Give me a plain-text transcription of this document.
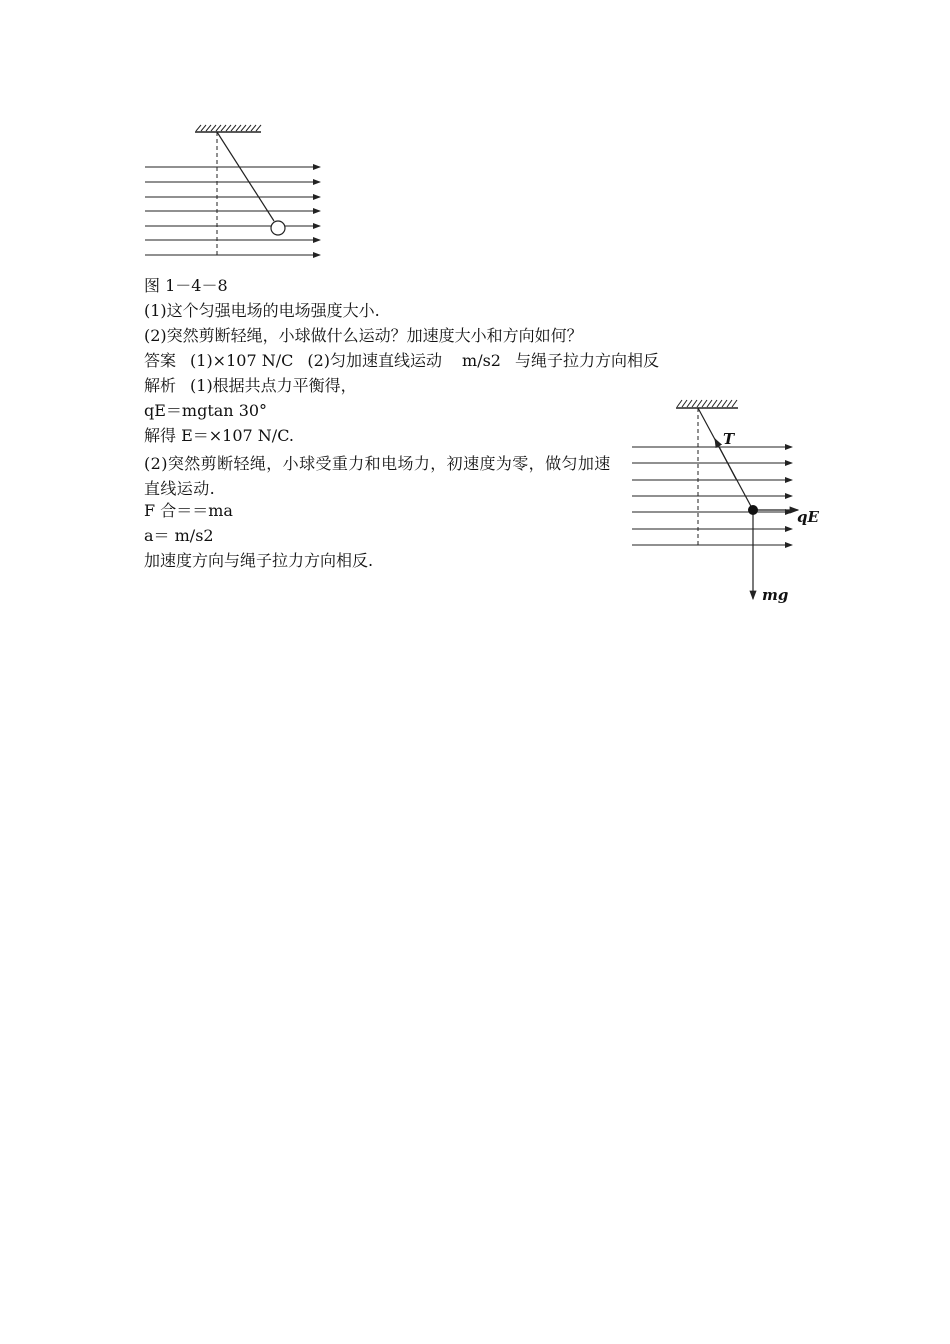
图 1－4－8
(1)这个匀强电场的电场强度大小.
(2)突然剪断轻绳，小球做什么运动？加速度大小和方向如何？
答案 (1)×107 N/C (2)匀加速直线运动 m/s2 与绳子拉力方向相反
解析 (1)根据共点力平衡得，
qE＝mgtan 30°
解得 E＝×107 N/C.
(2)突然剪断轻绳，小球受重力和电场力，初速度为零，做匀加速直线运动.
F 合＝＝ma
a＝ m/s2
加速度方向与绳子拉力方向相反.
T
qE
mg
